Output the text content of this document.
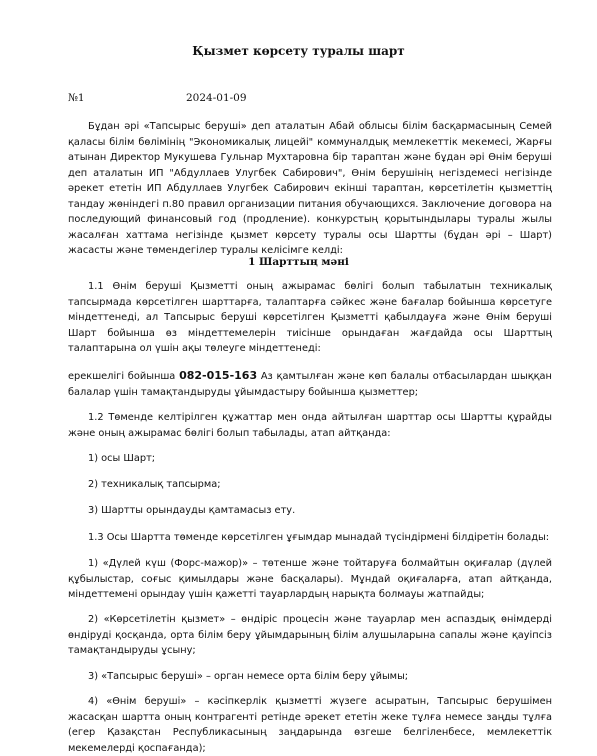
Қызмет көрсету туралы шарт
№1	2024-01-09

Бұдан әрі «Тапсырыс беруші» деп аталатын Абай облысы білім басқармасының Семей қаласы білім бөлімінің "Экономикалық лицейі" коммуналдық мемлекеттік мекемесі, Жарғы атынан Директор Мукушева Гульнар Мухтаровна бір тараптан және бұдан әрі Өнім беруші деп аталатын ИП "Абдуллаев Улугбек Сабирович", Өнім берушінің негіздемесі негізінде әрекет ететін ИП Абдуллаев Улугбек Сабирович екінші тараптан, көрсетілетін қызметтің тандау жөніндегі п.80 правил организации питания обучающихся. Заключение договора на последующий финансовый год (продление). конкурстың қорытындылары туралы жылы жасалған хаттама негізінде қызмет көрсету туралы осы Шартты (бұдан әрі – Шарт) жасасты және төмендегілер туралы келісімге келді:

1 Шарттың мәні

1.1 Өнім беруші Қызметті оның ажырамас бөлігі болып табылатын техникалық тапсырмада көрсетілген шарттарға, талаптарға сәйкес және бағалар бойынша көрсетуге міндеттенеді, ал Тапсырыс беруші көрсетілген Қызметті қабылдауға және Өнім беруші Шарт бойынша өз міндеттемелерін тиісінше орындаған жағдайда осы Шарттың талаптарына ол үшін ақы төлеуге міндеттенеді:

ерекшелігі бойынша 082-015-163 Аз қамтылған және көп балалы отбасылардан шыққан балалар үшін тамақтандыруды ұйымдастыру бойынша қызметтер;

1.2 Төменде келтірілген құжаттар мен онда айтылған шарттар осы Шартты құрайды және оның ажырамас бөлігі болып табылады, атап айтқанда:

1) осы Шарт;

2) техникалық тапсырма;

3) Шартты орындауды қамтамасыз ету.

1.3 Осы Шартта төменде көрсетілген ұғымдар мынадай түсіндірмені білдіретін болады:

1) «Дүлей күш (Форс-мажор)» – төтенше және тойтаруға болмайтын оқиғалар (дүлей құбылыстар, соғыс қимылдары және басқалары). Мұндай оқиғаларға, атап айтқанда, міндеттемені орындау үшін қажетті тауарлардың нарықта болмауы жатпайды;

2) «Көрсетілетін қызмет» – өндіріс процесін және тауарлар мен аспаздық өнімдерді өндіруді қосқанда, орта білім беру ұйымдарының білім алушыларына сапалы және қауіпсіз тамақтандыруды ұсыну;

3) «Тапсырыс беруші» – орган немесе орта білім беру ұйымы;

4) «Өнім беруші» – кәсіпкерлік қызметті жүзеге асыратын, Тапсырыс берушімен жасасқан шартта оның контрагенті ретінде әрекет ететін жеке тұлға немесе заңды тұлға (егер Қазақстан Республикасының заңдарында өзгеше белгіленбесе, мемлекеттік мекемелерді қоспағанда);
